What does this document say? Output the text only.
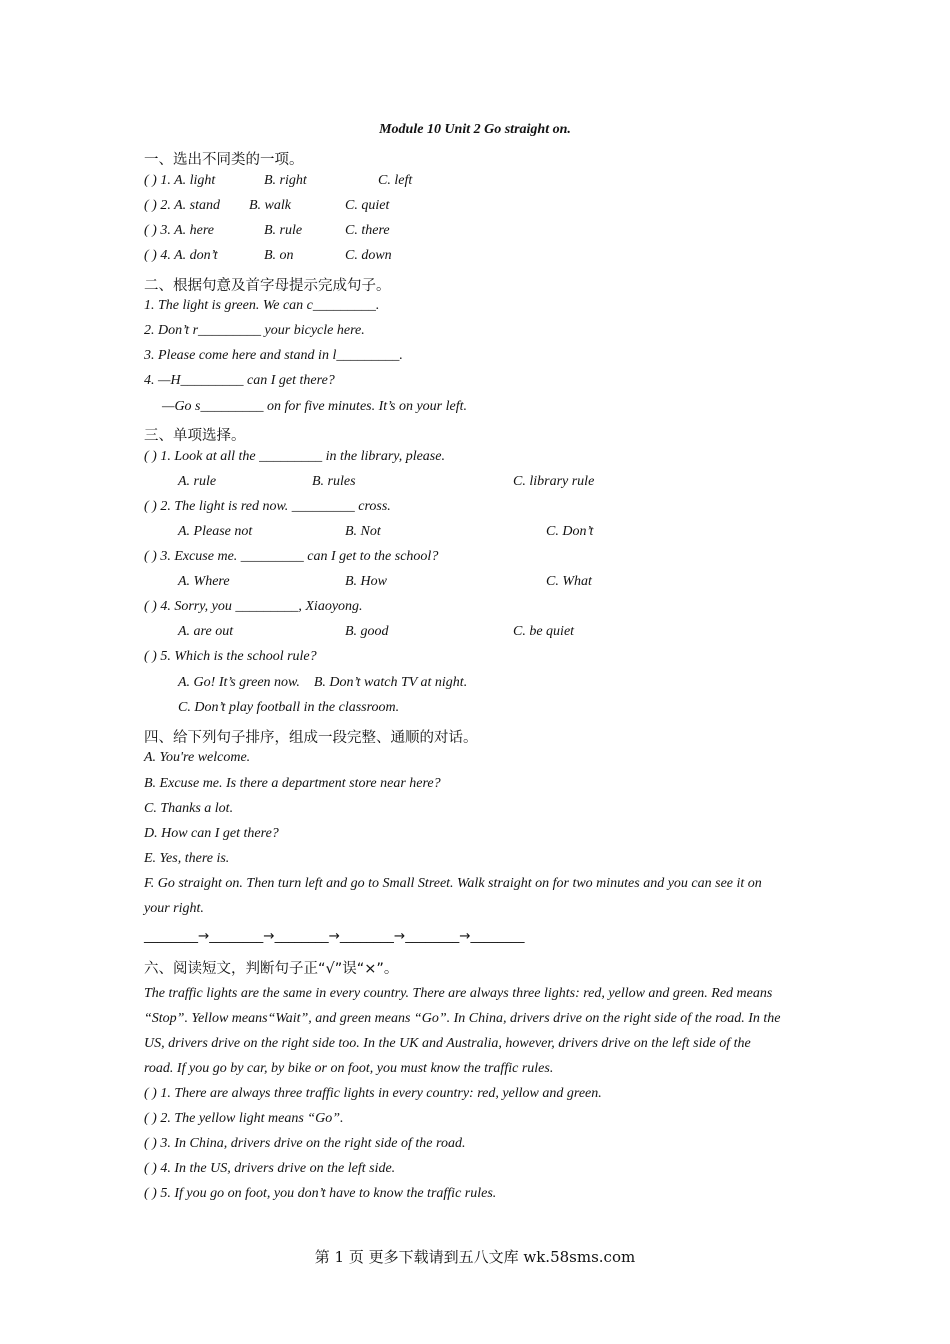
Module 10 Unit 2 Go straight on.
一、选出不同类的一项。
( ) 1. A. light	B. right	C. left
( ) 2. A. stand B. walk	C. quiet
( ) 3. A. here	B. rule	C. there
( ) 4. A. don’t	B. on	C. down
二、根据句意及首字母提示完成句子。
1. The light is green. We can c_________.
2. Don’t r_________ your bicycle here.
3. Please come here and stand in l_________.
4. —H_________ can I get there?
—Go s_________ on for five minutes. It’s on your left.
三、单项选择。
( ) 1. Look at all the _________ in the library, please.
A. rule	B. rules	C. library rule
( ) 2. The light is red now. _________ cross.
A. Please not	B. Not	C. Don’t
( ) 3. Excuse me. _________ can I get to the school?
A. Where	B. How	C. What
( ) 4. Sorry, you _________, Xiaoyong.
A. are out	B. good	C. be quiet
( ) 5. Which is the school rule?
A. Go! It’s green now.    B. Don’t watch TV at night.
C. Don’t play football in the classroom.
四、给下列句子排序，组成一段完整、通顺的对话。
A. You're welcome.
B. Excuse me. Is there a department store near here?
C. Thanks a lot.
D. How can I get there?
E. Yes, there is.
F. Go straight on. Then turn left and go to Small Street. Walk straight on for two minutes and you can see it on
your right.
________→________→________→________→________→________
六、阅读短文，判断句子正“√”误“×”。
The traffic lights are the same in every country. There are always three lights: red, yellow and green. Red means
“Stop”. Yellow means“Wait”, and green means “Go”. In China, drivers drive on the right side of the road. In the
US, drivers drive on the right side too. In the UK and Australia, however, drivers drive on the left side of the
road. If you go by car, by bike or on foot, you must know the traffic rules.
( ) 1. There are always three traffic lights in every country: red, yellow and green.
( ) 2. The yellow light means “Go”.
( ) 3. In China, drivers drive on the right side of the road.
( ) 4. In the US, drivers drive on the left side.
( ) 5. If you go on foot, you don’t have to know the traffic rules.
第 1 页 更多下载请到五八文库 wk.58sms.com
